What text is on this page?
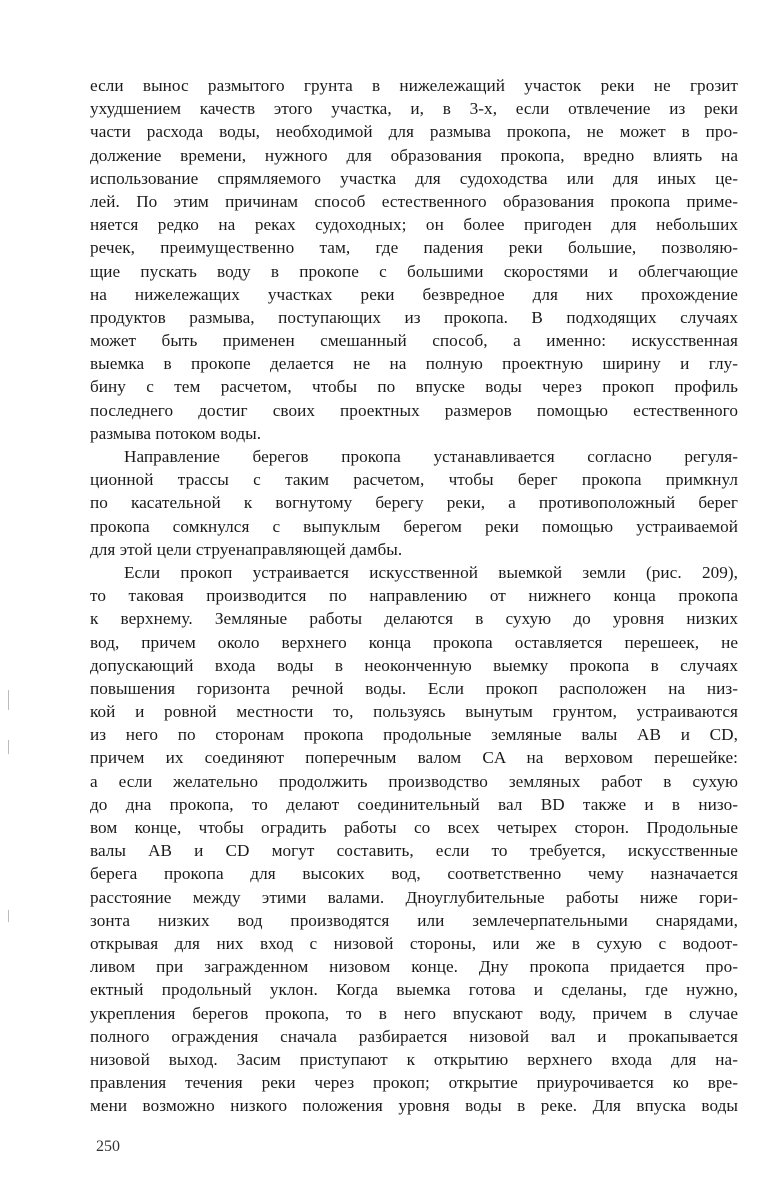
если вынос размытого грунта в нижележащий участок реки не грозит
ухудшением качеств этого участка, и, в 3-х, если отвлечение из реки
части расхода воды, необходимой для размыва прокопа, не может в про-
должение времени, нужного для образования прокопа, вредно влиять на
использование спрямляемого участка для судоходства или для иных це-
лей. По этим причинам способ естественного образования прокопа приме-
няется редко на реках судоходных; он более пригоден для небольших
речек, преимущественно там, где падения реки большие, позволяю-
щие пускать воду в прокопе с большими скоростями и облегчающие
на нижележащих участках реки безвредное для них прохождение
продуктов размыва, поступающих из прокопа. В подходящих случаях
может быть применен смешанный способ, а именно: искусственная
выемка в прокопе делается не на полную проектную ширину и глу-
бину с тем расчетом, чтобы по впуске воды через прокоп профиль
последнего достиг своих проектных размеров помощью естественного
размыва потоком воды.
Направление берегов прокопа устанавливается согласно регуля-
ционной трассы с таким расчетом, чтобы берег прокопа примкнул
по касательной к вогнутому берегу реки, а противоположный берег
прокопа сомкнулся с выпуклым берегом реки помощью устраиваемой
для этой цели струенаправляющей дамбы.
Если прокоп устраивается искусственной выемкой земли (рис. 209),
то таковая производится по направлению от нижнего конца прокопа
к верхнему. Земляные работы делаются в сухую до уровня низких
вод, причем около верхнего конца прокопа оставляется перешеек, не
допускающий входа воды в неоконченную выемку прокопа в случаях
повышения горизонта речной воды. Если прокоп расположен на низ-
кой и ровной местности то, пользуясь вынутым грунтом, устраиваются
из него по сторонам прокопа продольные земляные валы AB и CD,
причем их соединяют поперечным валом CA на верховом перешейке:
а если желательно продолжить производство земляных работ в сухую
до дна прокопа, то делают соединительный вал BD также и в низо-
вом конце, чтобы оградить работы со всех четырех сторон. Продольные
валы AB и CD могут составить, если то требуется, искусственные
берега прокопа для высоких вод, соответственно чему назначается
расстояние между этими валами. Дноуглубительные работы ниже гори-
зонта низких вод производятся или землечерпательными снарядами,
открывая для них вход с низовой стороны, или же в сухую с водоот-
ливом при загражденном низовом конце. Дну прокопа придается про-
ектный продольный уклон. Когда выемка готова и сделаны, где нужно,
укрепления берегов прокопа, то в него впускают воду, причем в случае
полного ограждения сначала разбирается низовой вал и прокапывается
низовой выход. Засим приступают к открытию верхнего входа для на-
правления течения реки через прокоп; открытие приурочивается ко вре-
мени возможно низкого положения уровня воды в реке. Для впуска воды
250
